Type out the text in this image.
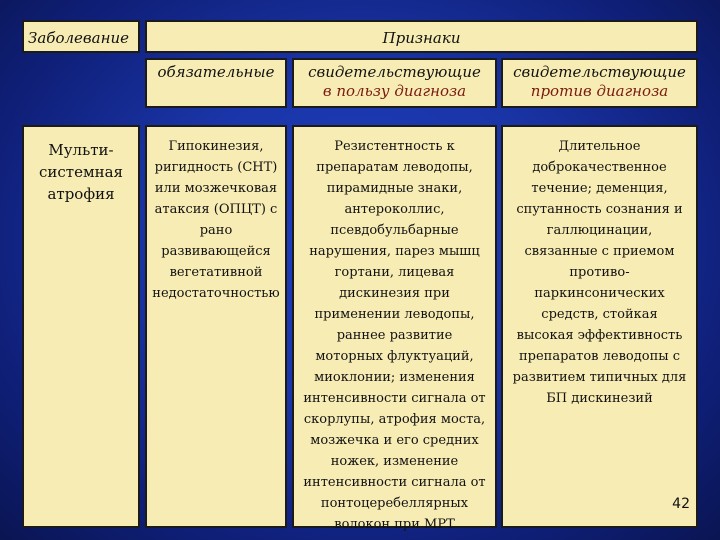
Заболевание	Признаки
обязательные	свидетельствующие
в пользу диагноза
свидетельствующие
против диагноза
Мульти-
системная
атрофия
Гипокинезия,
ригидность (СНТ)
или мозжечковая
атаксия (ОПЦТ) с
рано
развивающейся
вегетативной
недостаточностью
Резистентность к
препаратам леводопы,
пирамидные знаки,
антероколлис,
псевдобульбарные
нарушения, парез мышц
гортани, лицевая
дискинезия при
применении леводопы,
раннее развитие
моторных флуктуаций,
миоклонии; изменения
интенсивности сигнала от
скорлупы, атрофия моста,
мозжечка и его средних
ножек, изменение
интенсивности сигнала от
понтоцеребеллярных
волокон при МРТ
Длительное
доброкачественное
течение; деменция,
спутанность сознания и
галлюцинации,
связанные с приемом
противо-
паркинсонических
средств, стойкая
высокая эффективность
препаратов леводопы с
развитием типичных для
БП дискинезий
42
